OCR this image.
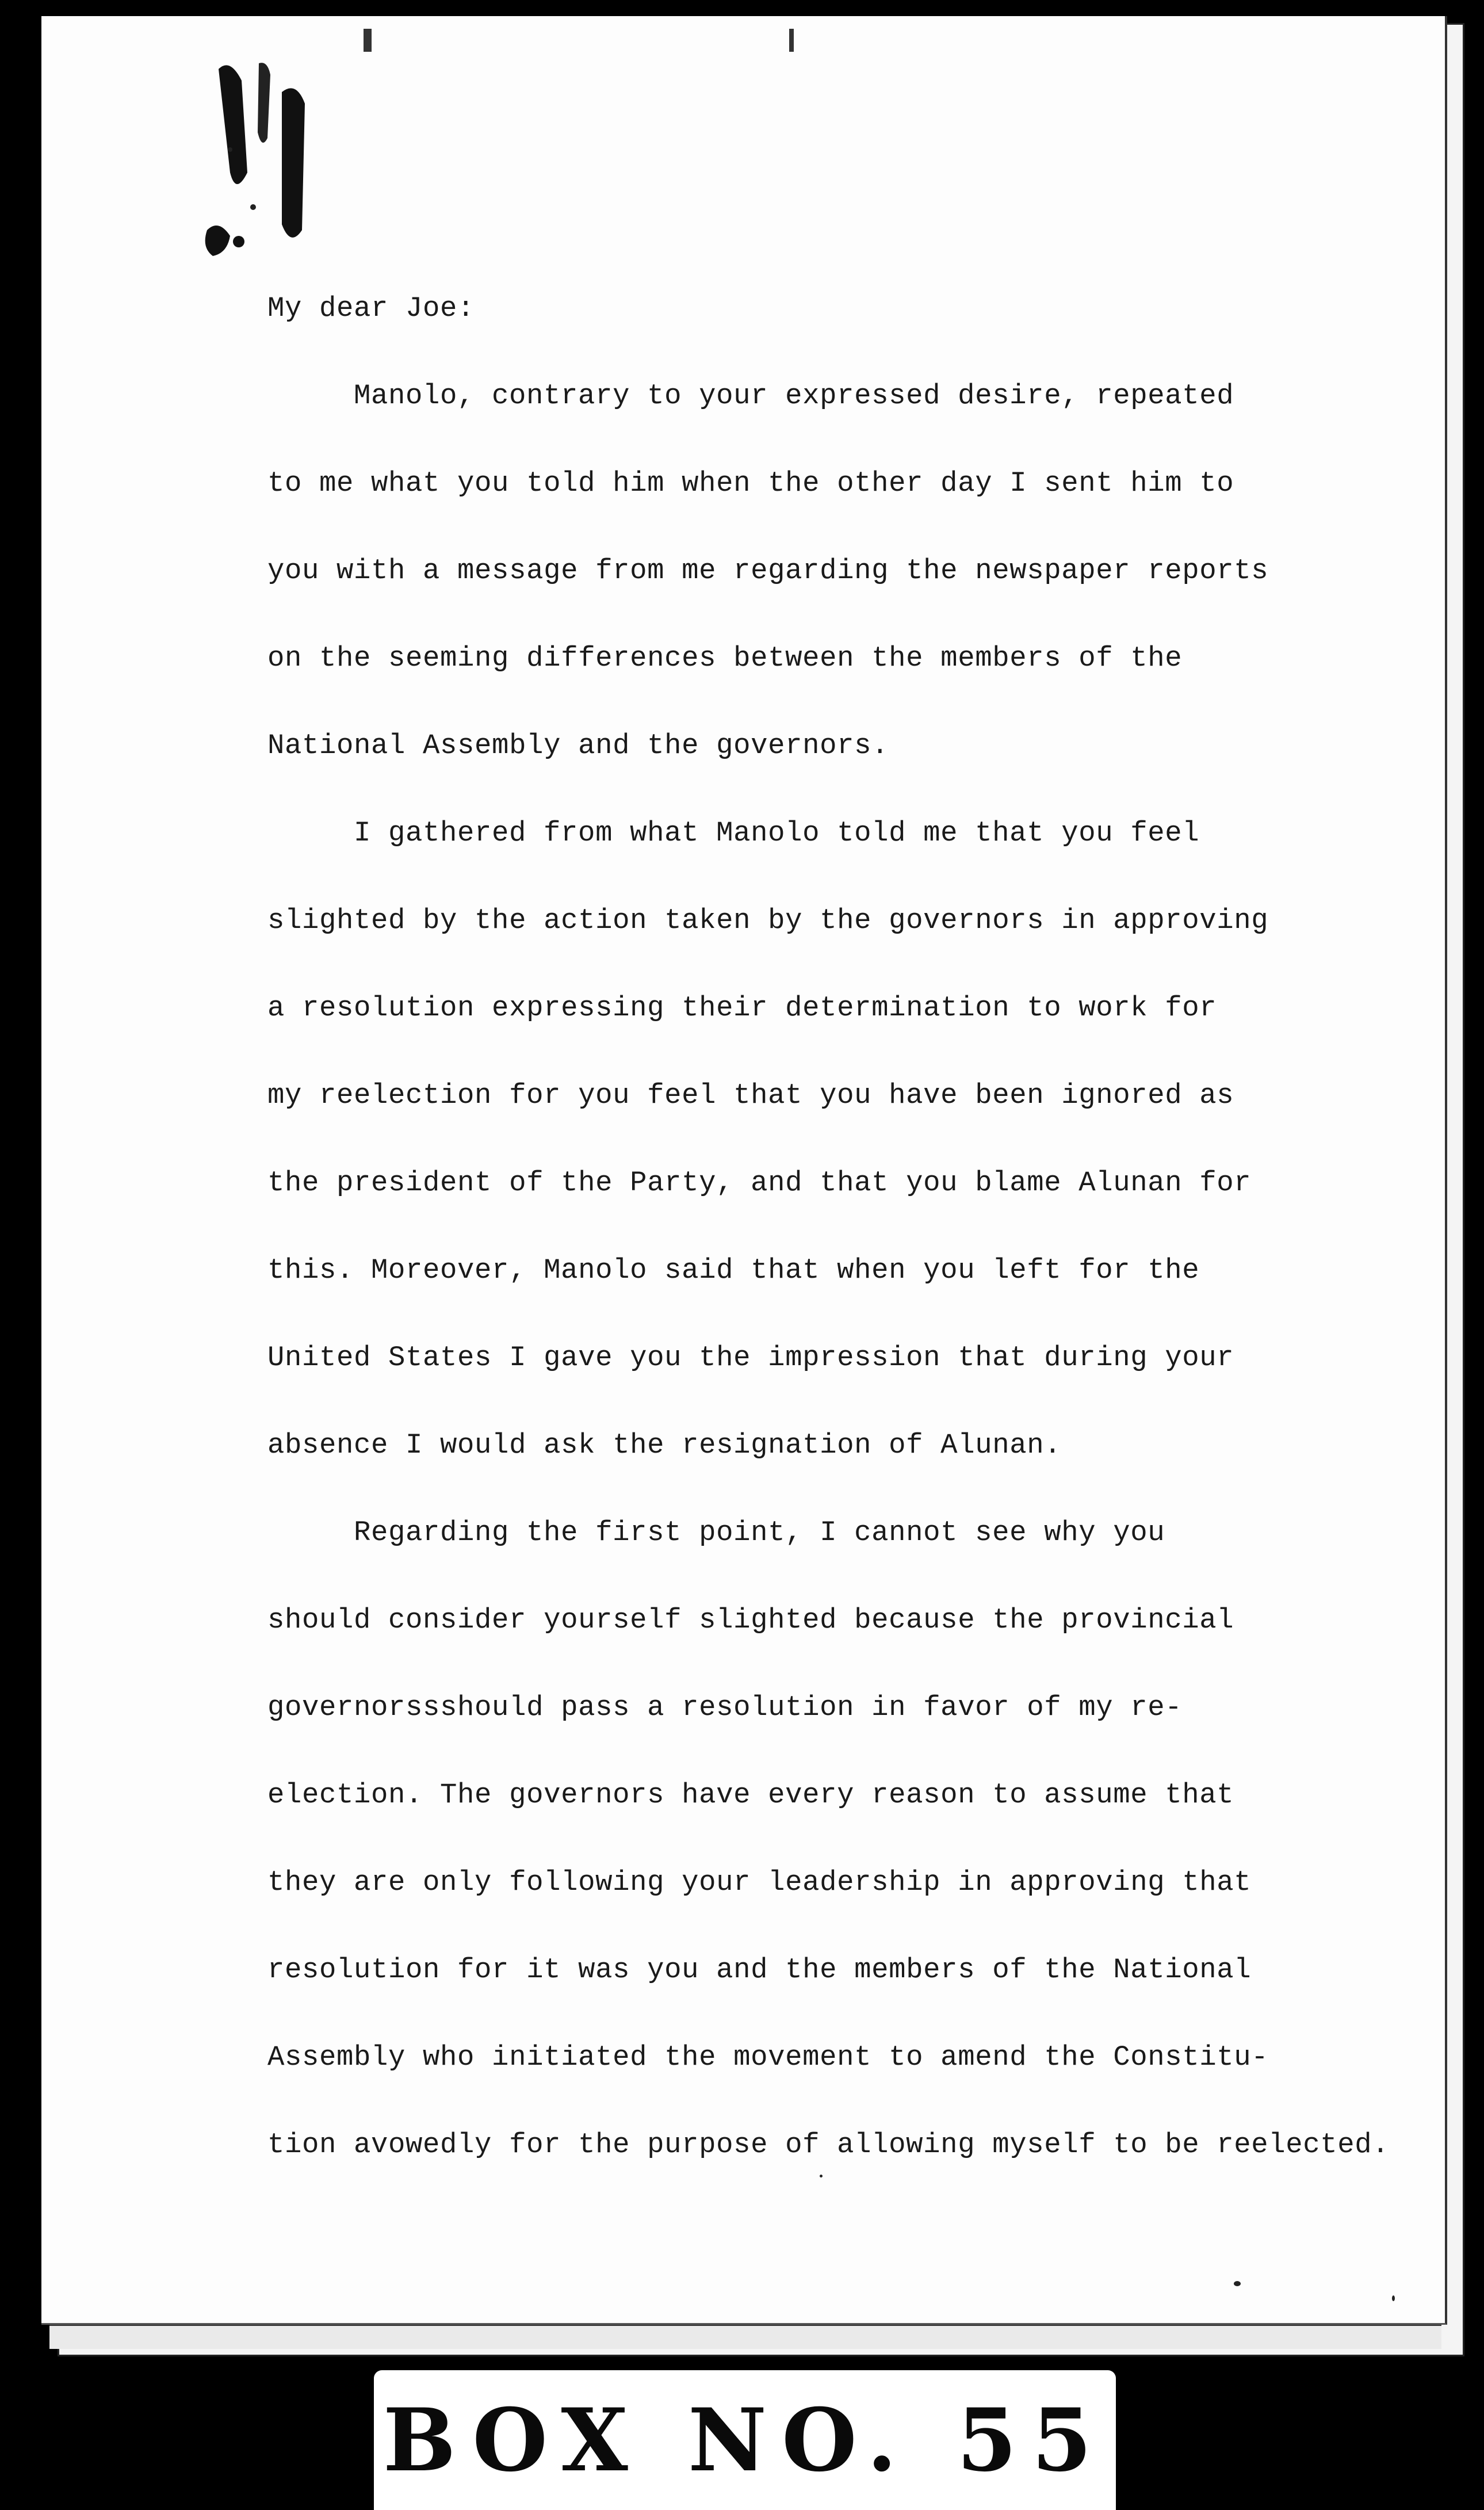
My dear Joe:

Manolo, contrary to your expressed desire, repeated
to me what you told him when the other day I sent him to
you with a message from me regarding the newspaper reports
on the seeming differences between the members of the
National Assembly and the governors.
I gathered from what Manolo told me that you feel
slighted by the action taken by the governors in approving
a resolution expressing their determination to work for
my reelection for you feel that you have been ignored as
the president of the Party, and that you blame Alunan for
this. Moreover, Manolo said that when you left for the
United States I gave you the impression that during your
absence I would ask the resignation of Alunan.
Regarding the first point, I cannot see why you
should consider yourself slighted because the provincial
governorssshould pass a resolution in favor of my re-
election. The governors have every reason to assume that
they are only following your leadership in approving that
resolution for it was you and the members of the National
Assembly who initiated the movement to amend the Constitu-
tion avowedly for the purpose of allowing myself to be reelected.
BOX NO. 55
